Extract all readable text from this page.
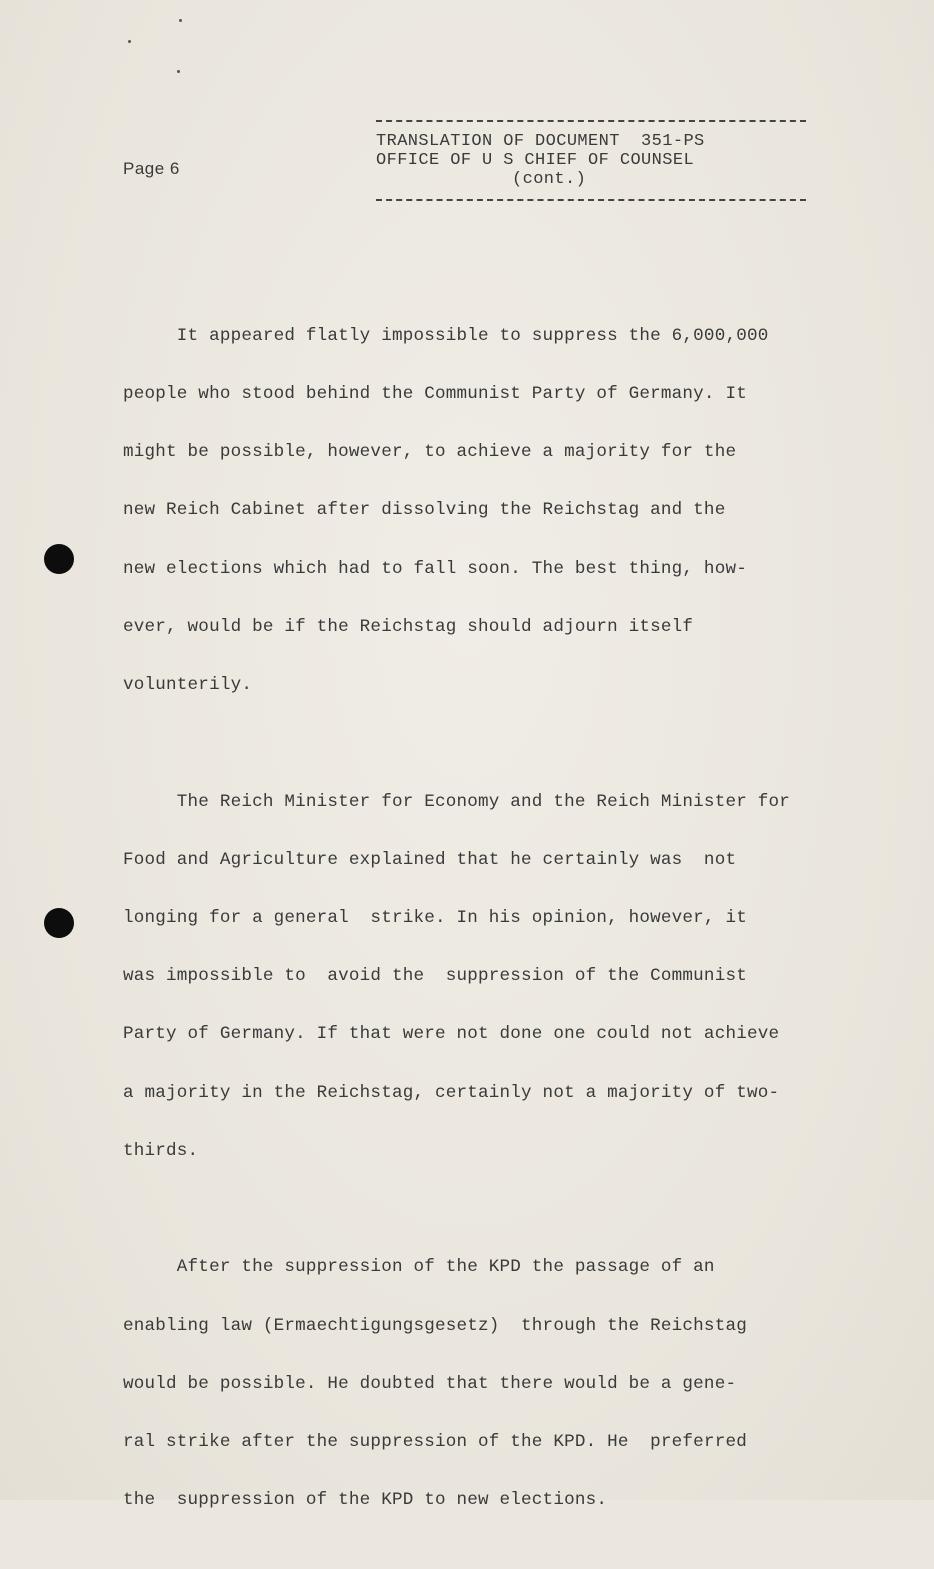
Page 6
TRANSLATION OF DOCUMENT  351-PS
OFFICE OF U S CHIEF OF COUNSEL
(cont.)

It appeared flatly impossible to suppress the 6,000,000

people who stood behind the Communist Party of Germany. It

might be possible, however, to achieve a majority for the

new Reich Cabinet after dissolving the Reichstag and the

new elections which had to fall soon. The best thing, how-

ever, would be if the Reichstag should adjourn itself

volunterily.

The Reich Minister for Economy and the Reich Minister for

Food and Agriculture explained that he certainly was  not

longing for a general  strike. In his opinion, however, it

was impossible to  avoid the  suppression of the Communist

Party of Germany. If that were not done one could not achieve

a majority in the Reichstag, certainly not a majority of two-

thirds.

After the suppression of the KPD the passage of an

enabling law (Ermaechtigungsgesetz)  through the Reichstag

would be possible. He doubted that there would be a gene-

ral strike after the suppression of the KPD. He  preferred

the  suppression of the KPD to new elections.
